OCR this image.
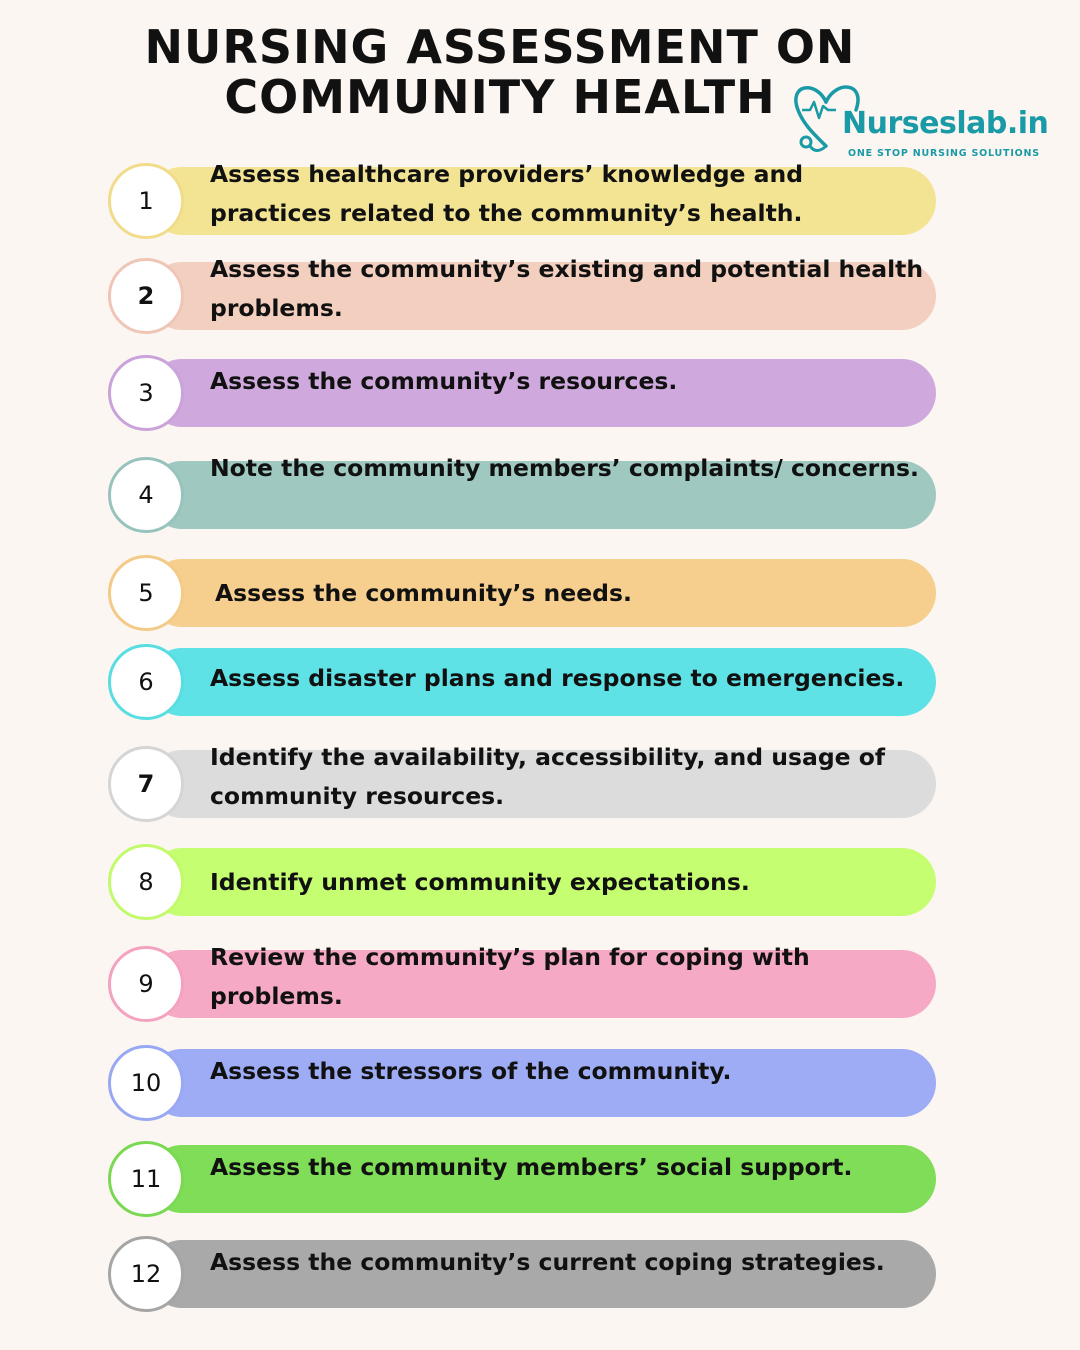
NURSING ASSESSMENT ON
COMMUNITY HEALTH	Nurseslab.in
ONE STOP NURSING SOLUTIONS
1
Assess healthcare providers’ knowledge and practices related to the community’s health.
2
Assess the community’s existing and potential health problems.
3	Assess the community’s resources.
4
Note the community members’ complaints/ concerns.
5	Assess the community’s needs.
6	Assess disaster plans and response to emergencies.
7
Identify the availability, accessibility, and usage of community resources.
8	Identify unmet community expectations.
9
Review the community’s plan for coping with problems.
10	Assess the stressors of the community.
11	Assess the community members’ social support.
12	Assess the community’s current coping strategies.
